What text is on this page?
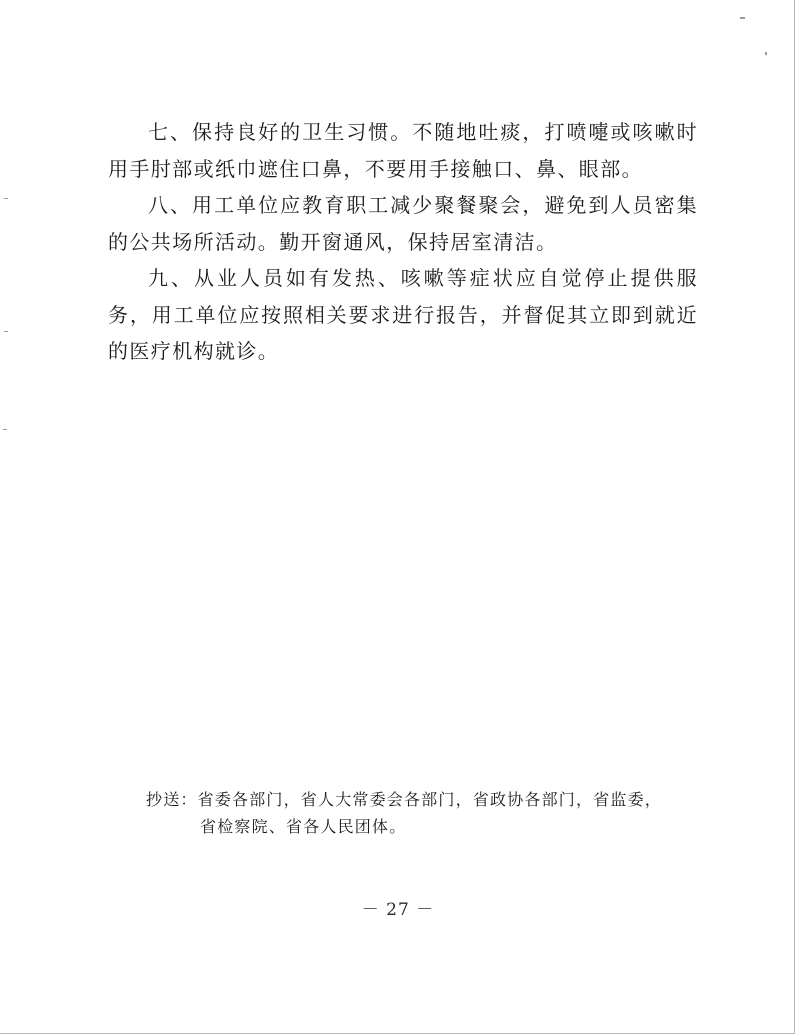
七、保持良好的卫生习惯。不随地吐痰，打喷嚏或咳嗽时用手肘部或纸巾遮住口鼻，不要用手接触口、鼻、眼部。

八、用工单位应教育职工减少聚餐聚会，避免到人员密集的公共场所活动。勤开窗通风，保持居室清洁。

九、从业人员如有发热、咳嗽等症状应自觉停止提供服务，用工单位应按照相关要求进行报告，并督促其立即到就近的医疗机构就诊。

抄送：省委各部门，省人大常委会各部门，省政协各部门，省监委，
省检察院、省各人民团体。
－ 27 －
